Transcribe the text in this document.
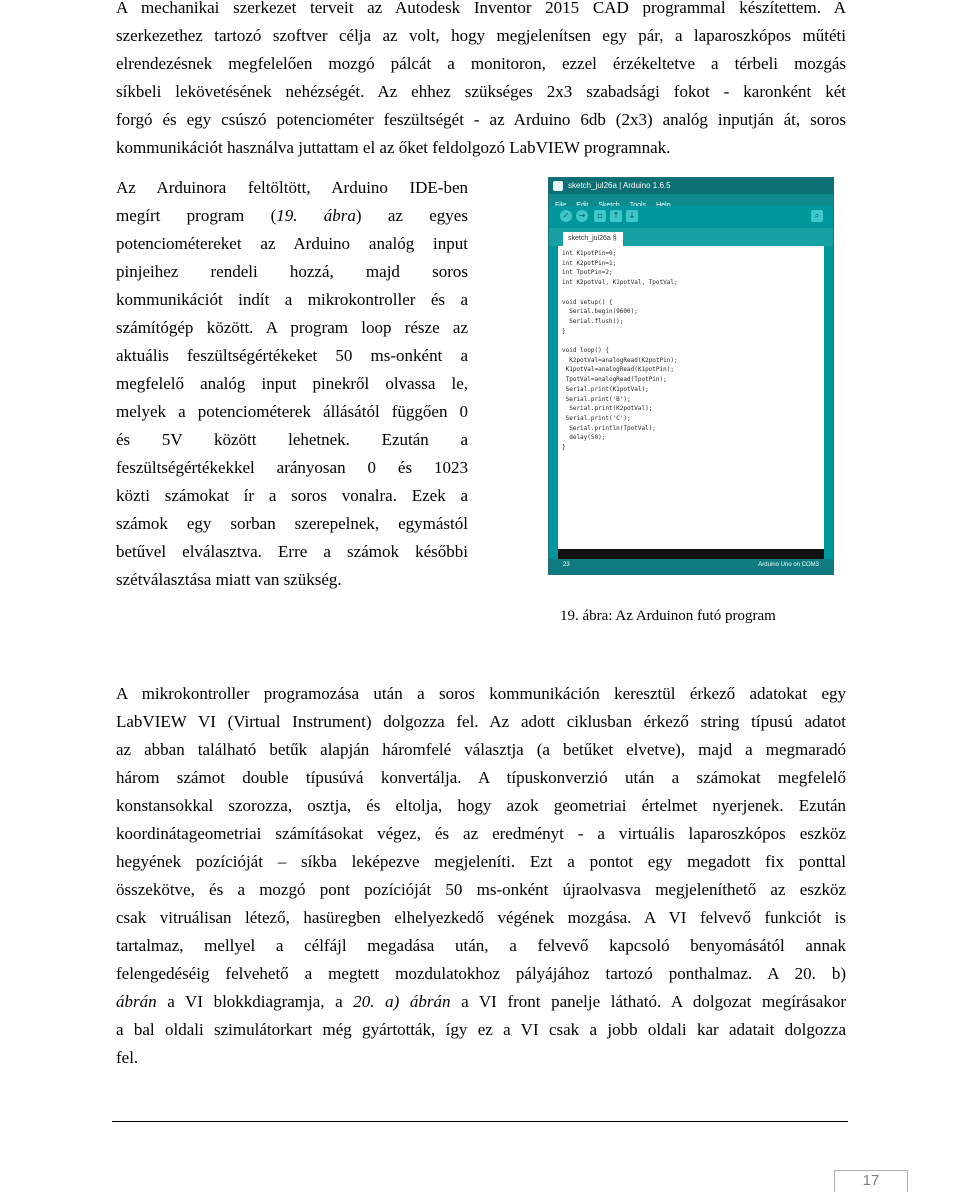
A mechanikai szerkezet terveit az Autodesk Inventor 2015 CAD programmal készítettem. A
szerkezethez tartozó szoftver célja az volt, hogy megjelenítsen egy pár, a laparoszkópos műtéti
elrendezésnek megfelelően mozgó pálcát a monitoron, ezzel érzékeltetve a térbeli mozgás
síkbeli lekövetésének nehézségét. Az ehhez szükséges 2x3 szabadsági fokot - karonként két
forgó és egy csúszó potenciométer feszültségét - az Arduino 6db (2x3) analóg inputján át, soros
kommunikációt használva juttattam el az őket feldolgozó LabVIEW programnak.
Az Arduinora feltöltött, Arduino IDE-ben
megírt program (19. ábra) az egyes
potenciométereket az Arduino analóg input
pinjeihez rendeli hozzá, majd soros
kommunikációt indít a mikrokontroller és a
számítógép között. A program loop része az
aktuális feszültségértékeket 50 ms-onként a
megfelelő analóg input pinekről olvassa le,
melyek a potenciométerek állásától függően 0
és 5V között lehetnek. Ezután a
feszültségértékekkel arányosan 0 és 1023
közti számokat ír a soros vonalra. Ezek a
számok egy sorban szerepelnek, egymástól
betűvel elválasztva. Erre a számok későbbi
szétválasztása miatt van szükség.
sketch_jul26a | Arduino 1.6.5
✓	→	▫	↑	↓	⌕
sketch_jul26a §
int K1potPin=0;
int K2potPin=1;
int TpotPin=2;
int K2potVal, K1potVal, TpotVal;

void setup() {
Serial.begin(9600);
Serial.flush();
}

void loop() {
K2potVal=analogRead(K2potPin);
K1potVal=analogRead(K1potPin);
TpotVal=analogRead(TpotPin);
Serial.print(K1potVal);
Serial.print('B');
Serial.print(K2potVal);
Serial.print('C');
Serial.println(TpotVal);
delay(50);
}
23	Arduino Uno on COM3
19. ábra: Az Arduinon futó program
A mikrokontroller programozása után a soros kommunikáción keresztül érkező adatokat egy
LabVIEW VI (Virtual Instrument) dolgozza fel. Az adott ciklusban érkező string típusú adatot
az abban található betűk alapján háromfelé választja (a betűket elvetve), majd a megmaradó
három számot double típusúvá konvertálja. A típuskonverzió után a számokat megfelelő
konstansokkal szorozza, osztja, és eltolja, hogy azok geometriai értelmet nyerjenek. Ezután
koordinátageometriai számításokat végez, és az eredményt - a virtuális laparoszkópos eszköz
hegyének pozícióját – síkba leképezve megjeleníti. Ezt a pontot egy megadott fix ponttal
összekötve, és a mozgó pont pozícióját 50 ms-onként újraolvasva megjeleníthető az eszköz
csak vitruálisan létező, hasüregben elhelyezkedő végének mozgása. A VI felvevő funkciót is
tartalmaz, mellyel a célfájl megadása után, a felvevő kapcsoló benyomásától annak
felengedéséig felvehető a megtett mozdulatokhoz pályájához tartozó ponthalmaz. A 20. b)
ábrán a VI blokkdiagramja, a 20. a) ábrán a VI front panelje látható. A dolgozat megírásakor
a bal oldali szimulátorkart még gyártották, így ez a VI csak a jobb oldali kar adatait dolgozza
fel.
17
